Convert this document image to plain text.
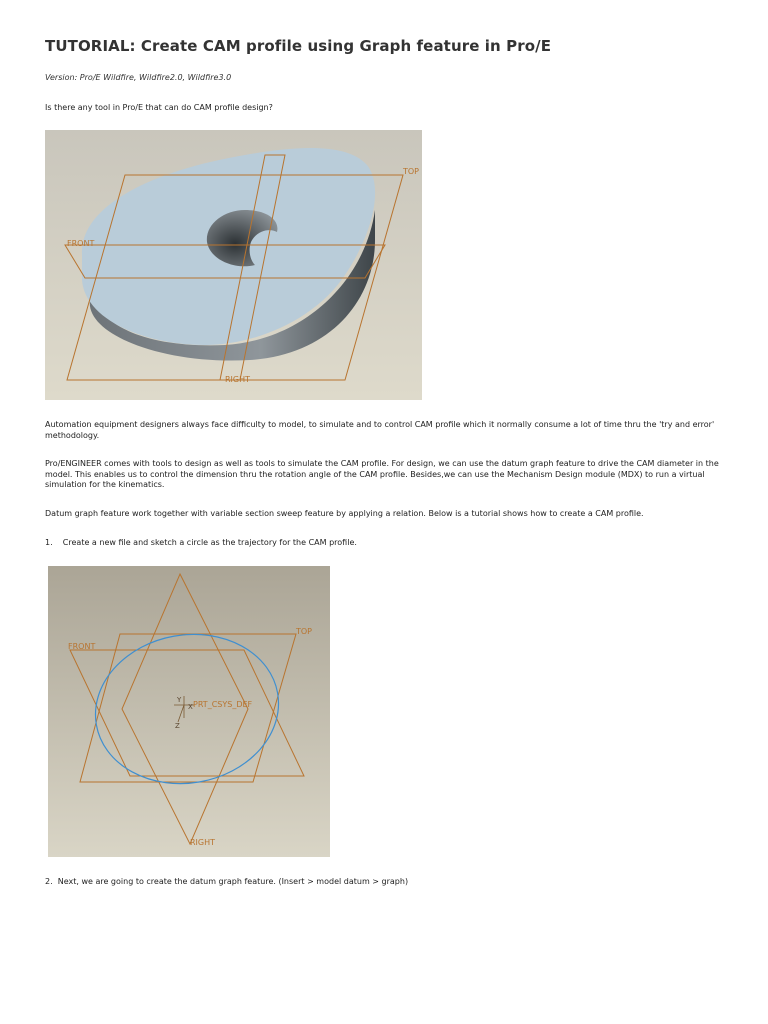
TUTORIAL: Create CAM profile using Graph feature in Pro/E
Version: Pro/E Wildfire, Wildfire2.0, Wildfire3.0
Is there any tool in Pro/E that can do CAM profile design?
TOP
FRONT
RIGHT
Automation equipment designers always face difficulty to model, to simulate and to control CAM profile which it normally consume a lot of time thru the 'try and error' methodology.
Pro/ENGINEER comes with tools to design as well as tools to simulate the CAM profile. For design, we can use the datum graph feature to drive the CAM diameter in the model. This enables us to control the dimension thru the rotation angle of the CAM profile. Besides,we can use the Mechanism Design module (MDX) to run a virtual simulation for the kinematics.
Datum graph feature work together with variable section sweep feature by applying a relation. Below is a tutorial shows how to create a CAM profile.
1.    Create a new file and sketch a circle as the trajectory for the CAM profile.
Y
X
Z
PRT_CSYS_DEF
TOP
FRONT
RIGHT
2.  Next, we are going to create the datum graph feature. (Insert > model datum > graph)
